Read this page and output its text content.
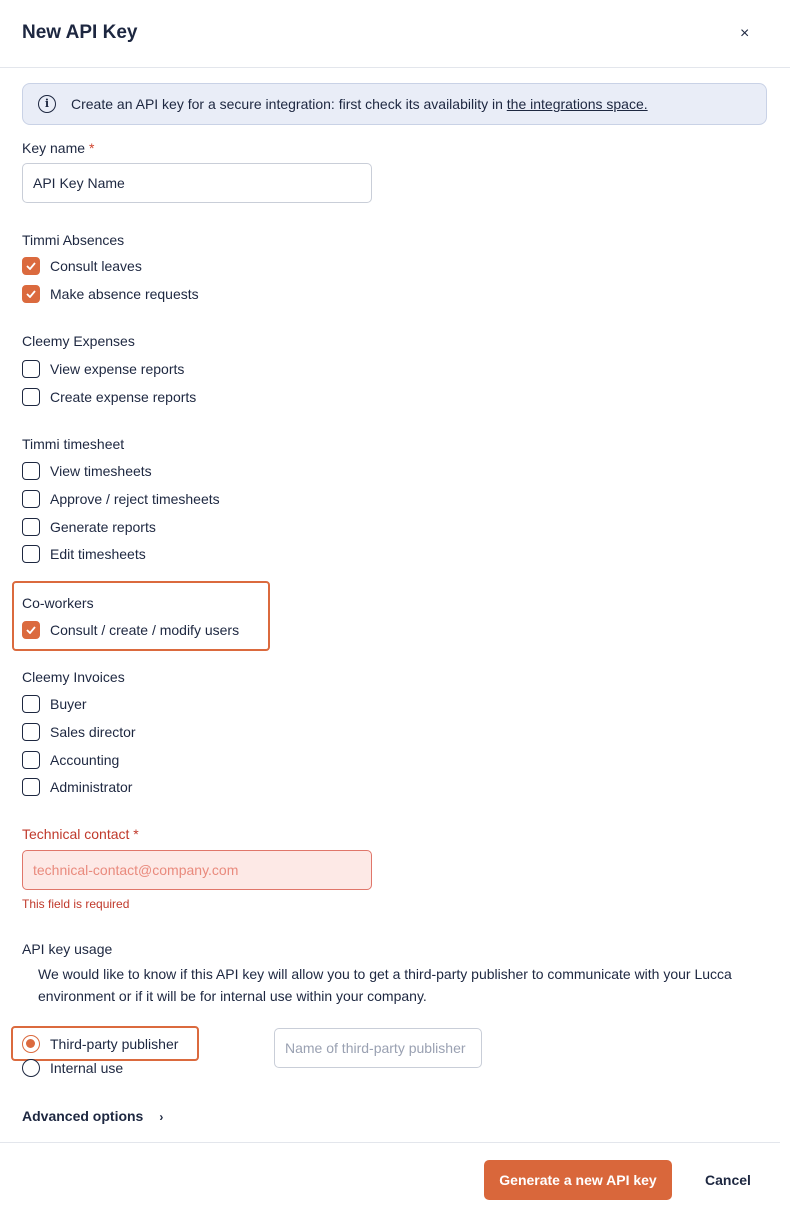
New API Key	×
i	Create an API key for a secure integration: first check its availability in the integrations space.
Key name *
API Key Name
Timmi Absences
Consult leaves
Make absence requests
Cleemy Expenses
View expense reports
Create expense reports
Timmi timesheet
View timesheets
Approve / reject timesheets
Generate reports
Edit timesheets
Co-workers
Consult / create / modify users
Cleemy Invoices
Buyer
Sales director
Accounting
Administrator
Technical contact *
technical-contact@company.com
This field is required
API key usage
We would like to know if this API key will allow you to get a third-party publisher to communicate with your Lucca environment or if it will be for internal use within your company.
Third-party publisher
Internal use
Name of third-party publisher
Advanced options ›
Generate a new API key	Cancel
